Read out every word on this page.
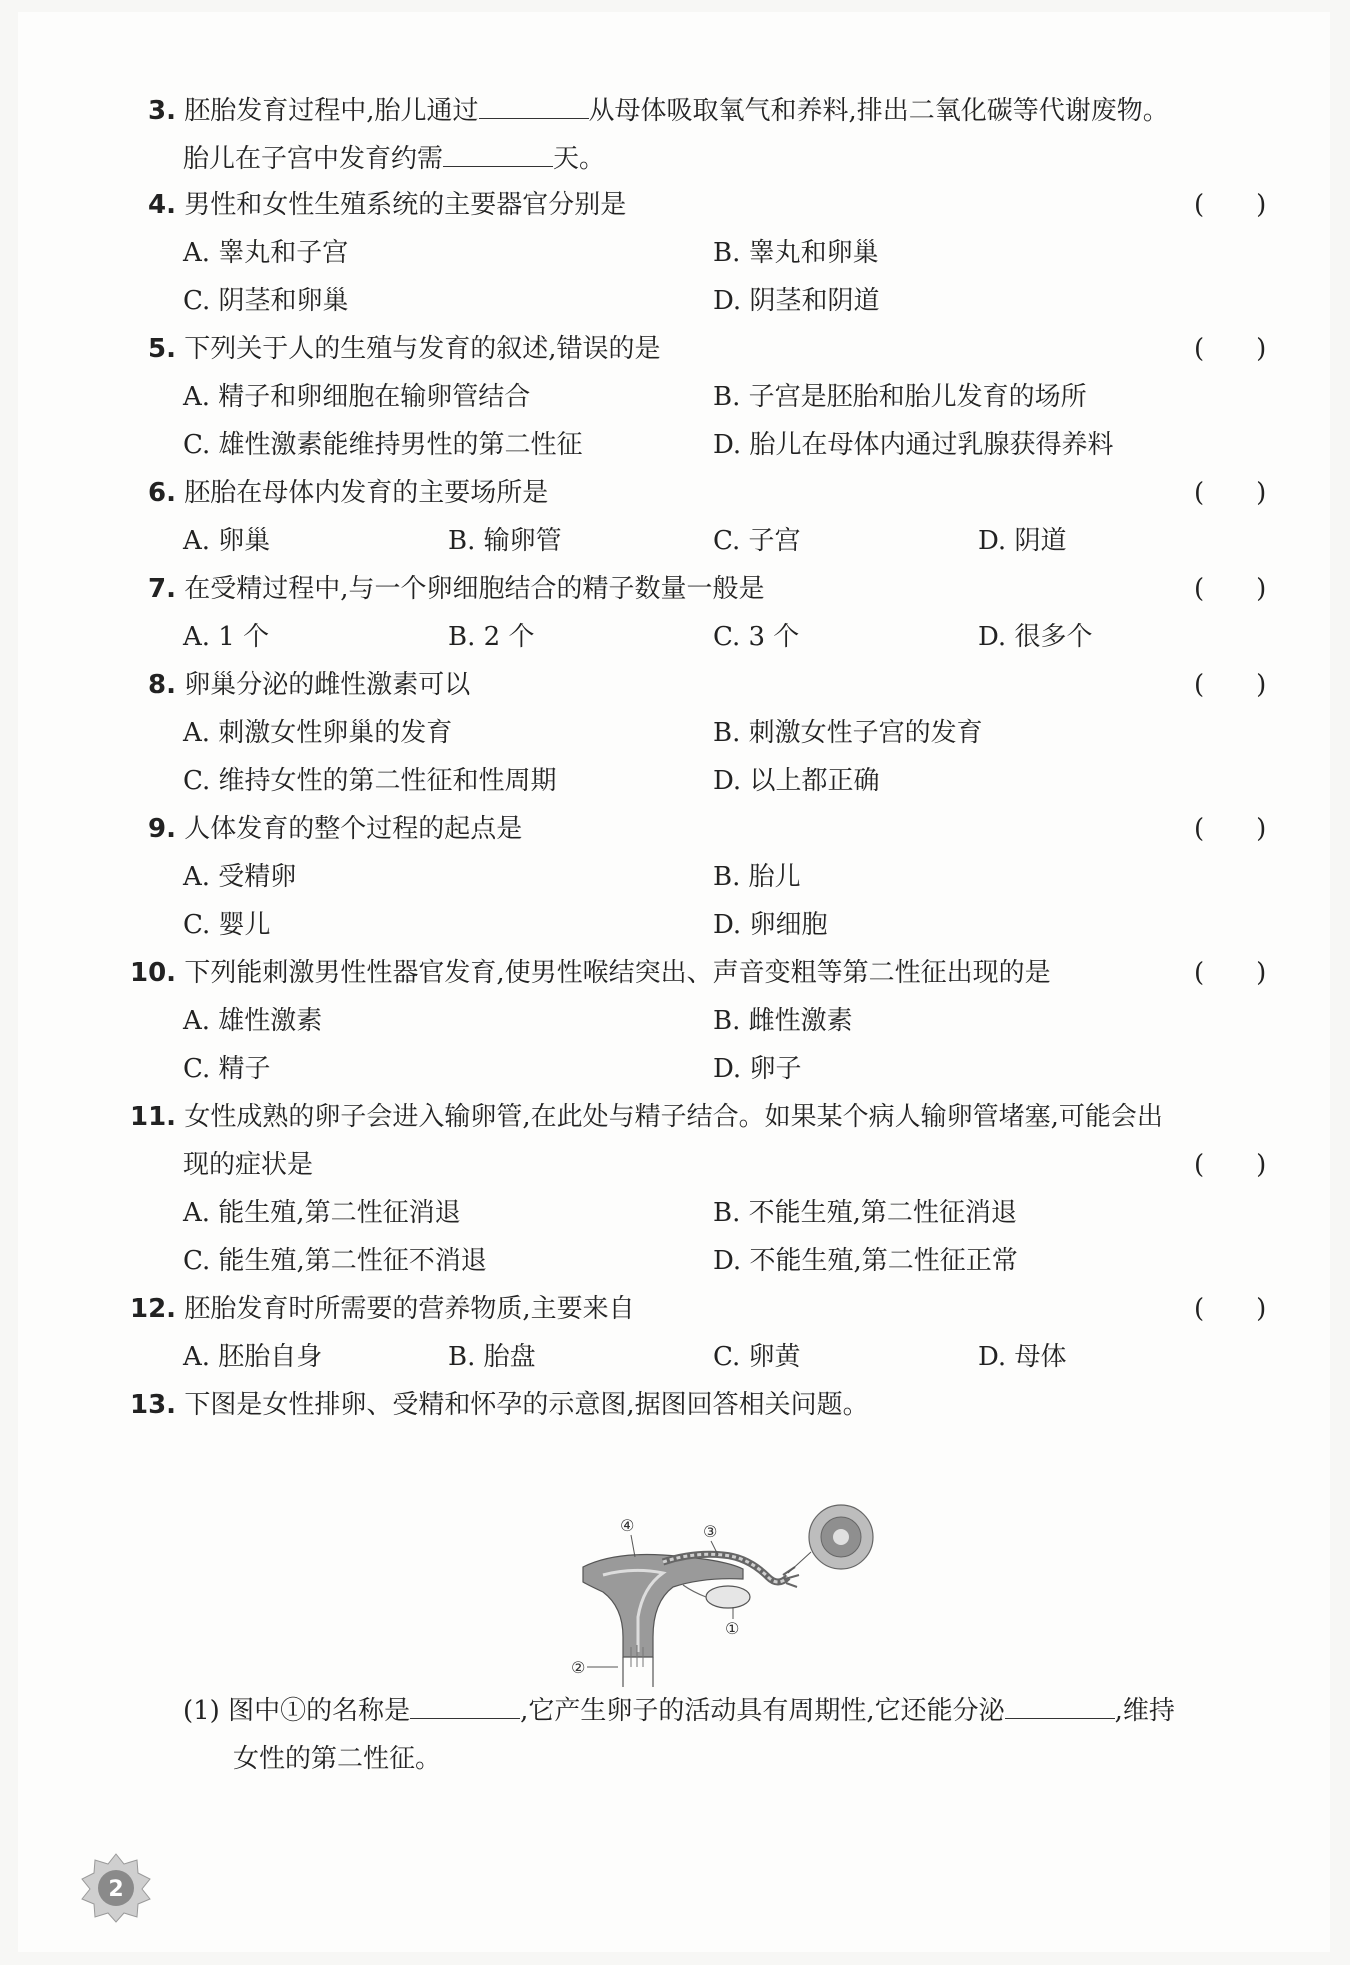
3. 胚胎发育过程中,胎儿通过	从母体吸取氧气和养料,排出二氧化碳等代谢废物。
胎儿在子宫中发育约需	天。
4. 男性和女性生殖系统的主要器官分别是	(　　)
A. 睾丸和子宫	B. 睾丸和卵巢
C. 阴茎和卵巢	D. 阴茎和阴道
5. 下列关于人的生殖与发育的叙述,错误的是	(　　)
A. 精子和卵细胞在输卵管结合	B. 子宫是胚胎和胎儿发育的场所
C. 雄性激素能维持男性的第二性征	D. 胎儿在母体内通过乳腺获得养料
6. 胚胎在母体内发育的主要场所是	(　　)
A. 卵巢	B. 输卵管	C. 子宫	D. 阴道
7. 在受精过程中,与一个卵细胞结合的精子数量一般是	(　　)
A. 1 个	B. 2 个	C. 3 个	D. 很多个
8. 卵巢分泌的雌性激素可以	(　　)
A. 刺激女性卵巢的发育	B. 刺激女性子宫的发育
C. 维持女性的第二性征和性周期	D. 以上都正确
9. 人体发育的整个过程的起点是	(　　)
A. 受精卵	B. 胎儿
C. 婴儿	D. 卵细胞
10. 下列能刺激男性性器官发育,使男性喉结突出、声音变粗等第二性征出现的是	(　　)
A. 雄性激素	B. 雌性激素
C. 精子	D. 卵子
11. 女性成熟的卵子会进入输卵管,在此处与精子结合。如果某个病人输卵管堵塞,可能会出
现的症状是	(　　)
A. 能生殖,第二性征消退	B. 不能生殖,第二性征消退
C. 能生殖,第二性征不消退	D. 不能生殖,第二性征正常
12. 胚胎发育时所需要的营养物质,主要来自	(　　)
A. 胚胎自身	B. 胎盘	C. 卵黄	D. 母体
13. 下图是女性排卵、受精和怀孕的示意图,据图回答相关问题。
④	③
①
②
(1) 图中①的名称是	,它产生卵子的活动具有周期性,它还能分泌	,维持
女性的第二性征。
2
